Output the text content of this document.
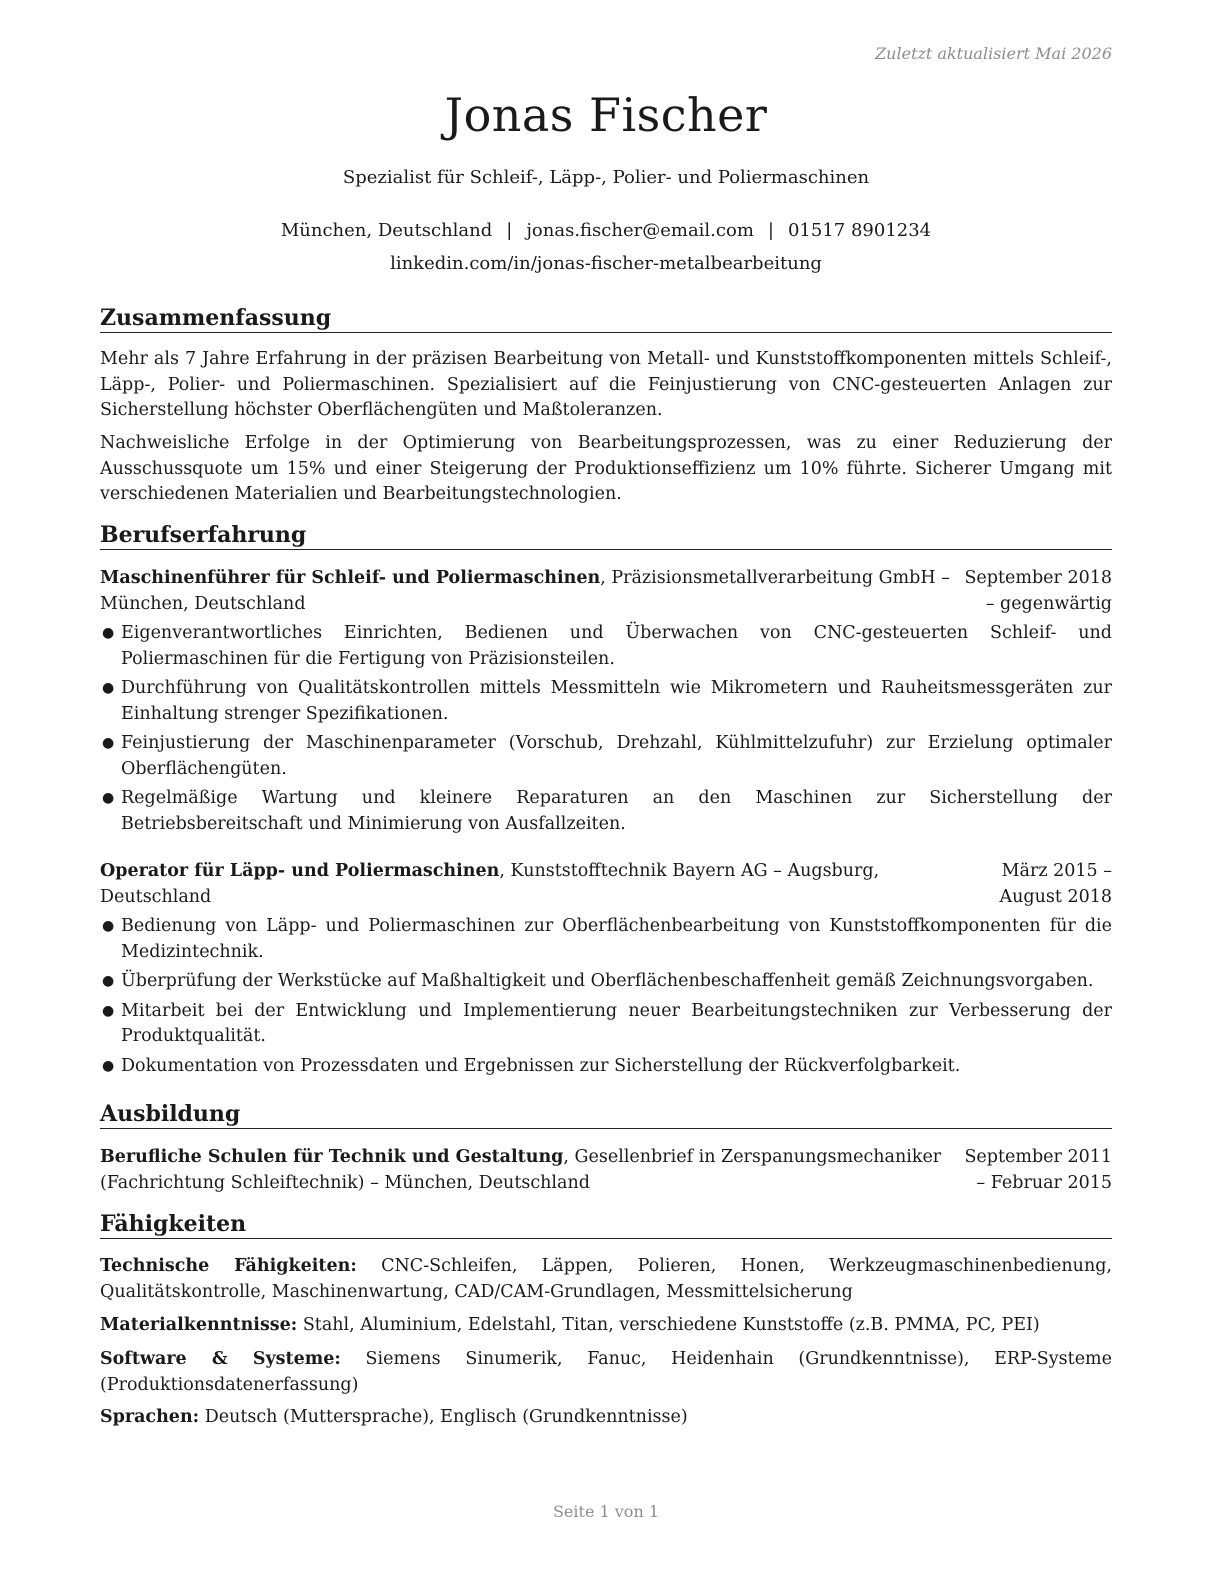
Zuletzt aktualisiert Mai 2026
Jonas Fischer
Spezialist für Schleif-, Läpp-, Polier- und Poliermaschinen
München, Deutschland | jonas.fischer@email.com | 01517 8901234
linkedin.com/in/jonas-fischer-metalbearbeitung
Zusammenfassung
Mehr als 7 Jahre Erfahrung in der präzisen Bearbeitung von Metall- und Kunststoffkomponenten mittels Schleif-, Läpp-, Polier- und Poliermaschinen. Spezialisiert auf die Feinjustierung von CNC-gesteuerten Anlagen zur Sicherstellung höchster Oberflächengüten und Maßtoleranzen.
Nachweisliche Erfolge in der Optimierung von Bearbeitungsprozessen, was zu einer Reduzierung der Ausschussquote um 15% und einer Steigerung der Produktionseffizienz um 10% führte. Sicherer Umgang mit verschiedenen Materialien und Bearbeitungstechnologien.
Berufserfahrung
Maschinenführer für Schleif- und Poliermaschinen, Präzisionsmetallverarbeitung GmbH – München, Deutschland
September 2018 – gegenwärtig
● Eigenverantwortliches Einrichten, Bedienen und Überwachen von CNC-gesteuerten Schleif- und Poliermaschinen für die Fertigung von Präzisionsteilen.
● Durchführung von Qualitätskontrollen mittels Messmitteln wie Mikrometern und Rauheitsmessgeräten zur Einhaltung strenger Spezifikationen.
● Feinjustierung der Maschinenparameter (Vorschub, Drehzahl, Kühlmittelzufuhr) zur Erzielung optimaler Oberflächengüten.
● Regelmäßige Wartung und kleinere Reparaturen an den Maschinen zur Sicherstellung der Betriebsbereitschaft und Minimierung von Ausfallzeiten.
Operator für Läpp- und Poliermaschinen, Kunststofftechnik Bayern AG – Augsburg, Deutschland
März 2015 – August 2018
● Bedienung von Läpp- und Poliermaschinen zur Oberflächenbearbeitung von Kunststoffkomponenten für die Medizintechnik.
● Überprüfung der Werkstücke auf Maßhaltigkeit und Oberflächenbeschaffenheit gemäß Zeichnungsvorgaben.
● Mitarbeit bei der Entwicklung und Implementierung neuer Bearbeitungstechniken zur Verbesserung der Produktqualität.
● Dokumentation von Prozessdaten und Ergebnissen zur Sicherstellung der Rückverfolgbarkeit.
Ausbildung
Berufliche Schulen für Technik und Gestaltung, Gesellenbrief in Zerspanungsmechaniker (Fachrichtung Schleiftechnik) – München, Deutschland
September 2011 – Februar 2015
Fähigkeiten
Technische Fähigkeiten: CNC-Schleifen, Läppen, Polieren, Honen, Werkzeugmaschinenbedienung, Qualitätskontrolle, Maschinenwartung, CAD/CAM-Grundlagen, Messmittelsicherung
Materialkenntnisse: Stahl, Aluminium, Edelstahl, Titan, verschiedene Kunststoffe (z.B. PMMA, PC, PEI)
Software & Systeme: Siemens Sinumerik, Fanuc, Heidenhain (Grundkenntnisse), ERP-Systeme (Produktionsdatenerfassung)
Sprachen: Deutsch (Muttersprache), Englisch (Grundkenntnisse)
Seite 1 von 1
